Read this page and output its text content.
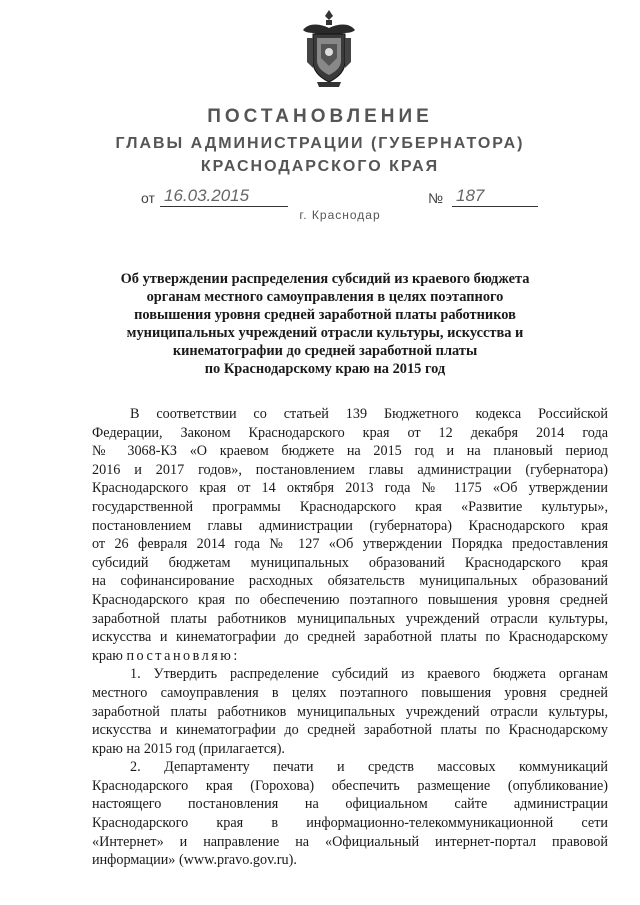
ПОСТАНОВЛЕНИЕ
ГЛАВЫ АДМИНИСТРАЦИИ (ГУБЕРНАТОРА)
КРАСНОДАРСКОГО КРАЯ
от 16.03.2015	№ 187
г. Краснодар
Об утверждении распределения субсидий из краевого бюджета
органам местного самоуправления в целях поэтапного
повышения уровня средней заработной платы работников
муниципальных учреждений отрасли культуры, искусства и
кинематографии до средней заработной платы
по Краснодарскому краю на 2015 год
В соответствии со статьей 139 Бюджетного кодекса Российской
Федерации, Законом Краснодарского края от 12 декабря 2014 года
№ 3068-КЗ «О краевом бюджете на 2015 год и на плановый период
2016 и 2017 годов», постановлением главы администрации (губернатора)
Краснодарского края от 14 октября 2013 года № 1175 «Об утверждении
государственной программы Краснодарского края «Развитие культуры»,
постановлением главы администрации (губернатора) Краснодарского края
от 26 февраля 2014 года № 127 «Об утверждении Порядка предоставления
субсидий бюджетам муниципальных образований Краснодарского края
на софинансирование расходных обязательств муниципальных образований
Краснодарского края по обеспечению поэтапного повышения уровня средней
заработной платы работников муниципальных учреждений отрасли культуры,
искусства и кинематографии до средней заработной платы по Краснодарскому
краю постановляю:
1. Утвердить распределение субсидий из краевого бюджета органам
местного самоуправления в целях поэтапного повышения уровня средней
заработной платы работников муниципальных учреждений отрасли культуры,
искусства и кинематографии до средней заработной платы по Краснодарскому
краю на 2015 год (прилагается).
2. Департаменту печати и средств массовых коммуникаций
Краснодарского края (Горохова) обеспечить размещение (опубликование)
настоящего постановления на официальном сайте администрации
Краснодарского края в информационно-телекоммуникационной сети
«Интернет» и направление на «Официальный интернет-портал правовой
информации» (www.pravo.gov.ru).
